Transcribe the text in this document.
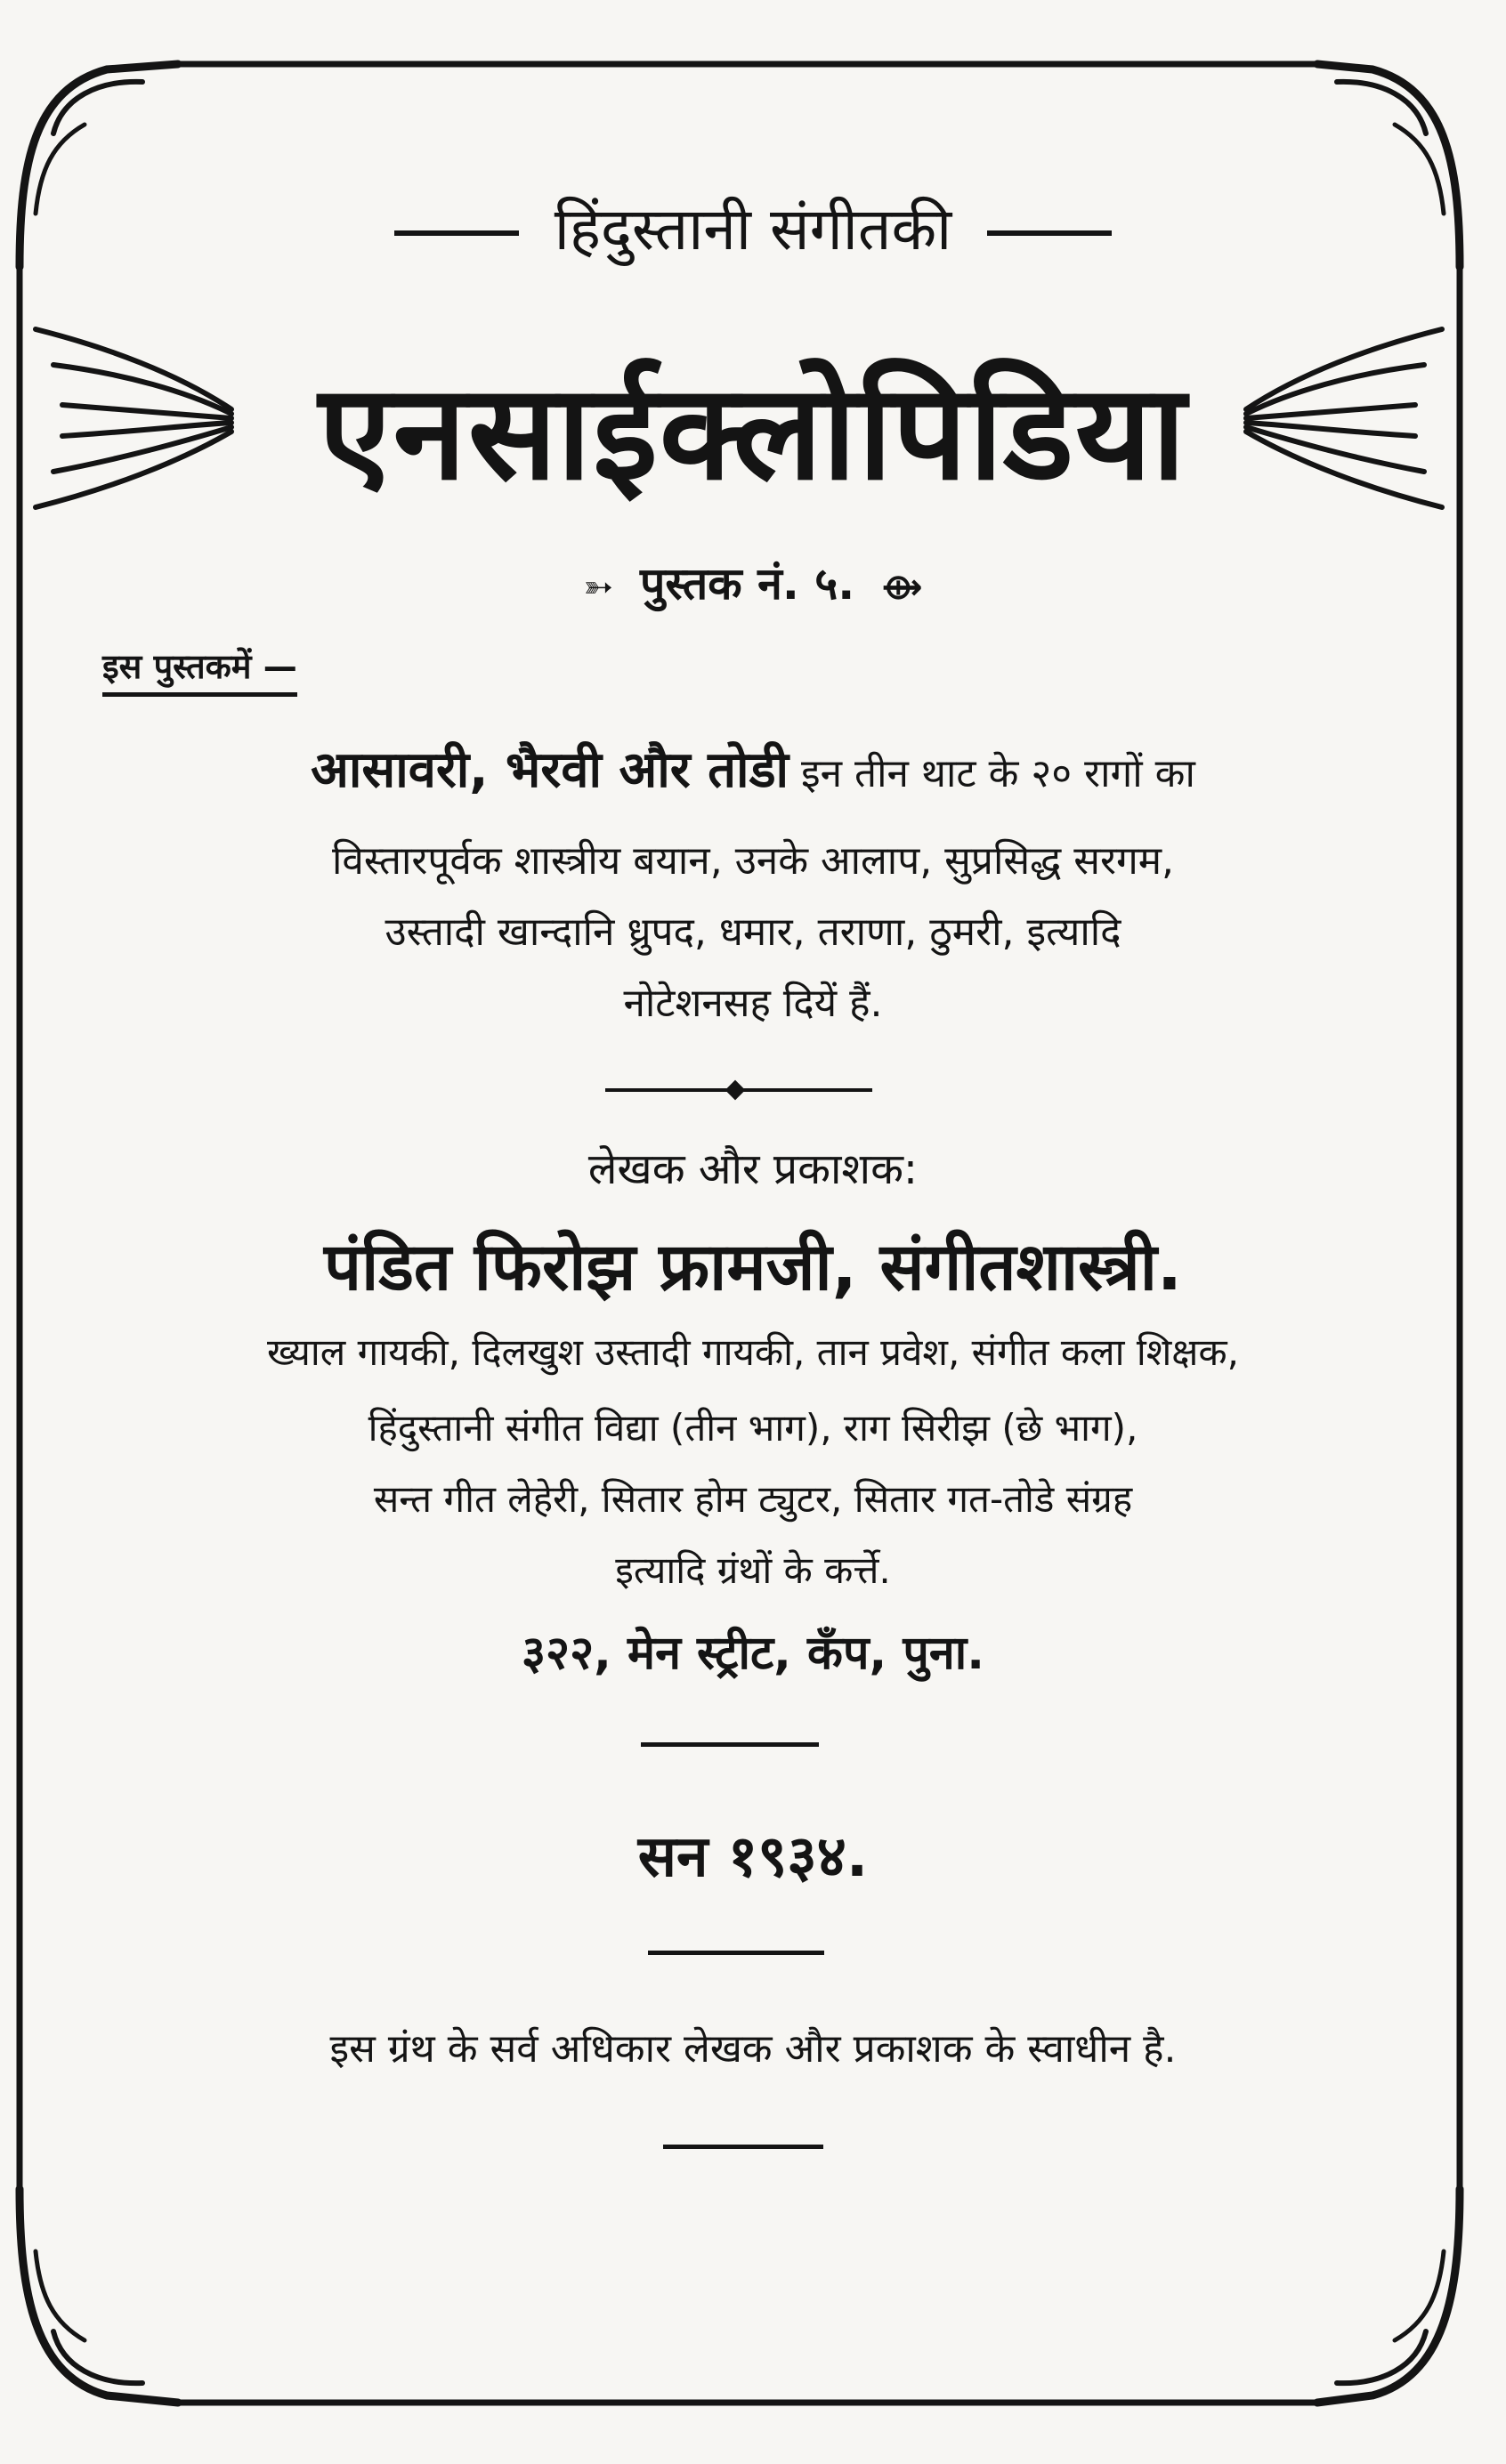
हिंदुस्तानी संगीतकी
एनसाईक्लोपिडिया
➳ पुस्तक नं. ५. ⟴
इस पुस्तकमें —
आसावरी, भैरवी और तोडी इन तीन थाट के २० रागों का
विस्तारपूर्वक शास्त्रीय बयान, उनके आलाप, सुप्रसिद्ध सरगम,
उस्तादी खान्दानि ध्रुपद, धमार, तराणा, ठुमरी, इत्यादि
नोटेशनसह दियें हैं.
लेखक और प्रकाशक:
पंडित फिरोझ फ्रामजी, संगीतशास्त्री.
ख्याल गायकी, दिलखुश उस्तादी गायकी, तान प्रवेश, संगीत कला शिक्षक,
हिंदुस्तानी संगीत विद्या (तीन भाग), राग सिरीझ (छे भाग),
सन्त गीत लेहेरी, सितार होम ट्युटर, सितार गत-तोडे संग्रह
इत्यादि ग्रंथों के कर्त्ते.
३२२, मेन स्ट्रीट, कॅंप, पुना.
सन १९३४.
इस ग्रंथ के सर्व अधिकार लेखक और प्रकाशक के स्वाधीन है.
